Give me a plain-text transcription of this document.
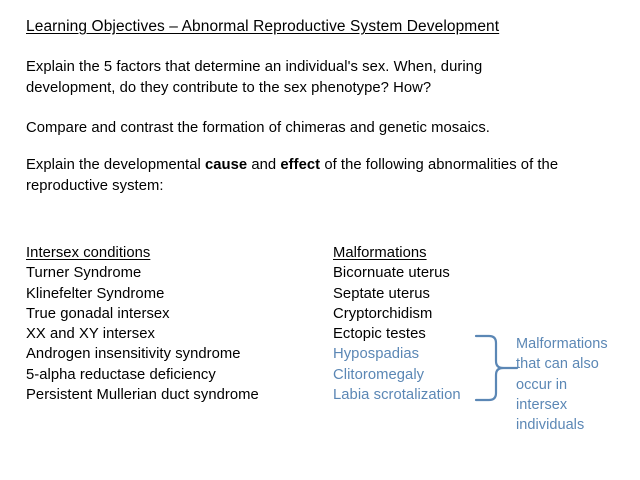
Learning Objectives – Abnormal Reproductive System Development
Explain the 5 factors that determine an individual's sex. When, during
development, do they contribute to the sex phenotype? How?
Compare and contrast the formation of chimeras and genetic mosaics.
Explain the developmental cause and effect of the following abnormalities of the
reproductive system:
Intersex conditions
Turner Syndrome
Klinefelter Syndrome
True gonadal intersex
XX and XY intersex
Androgen insensitivity syndrome
5-alpha reductase deficiency
Persistent Mullerian duct syndrome
Malformations
Bicornuate uterus
Septate uterus
Cryptorchidism
Ectopic testes
Hypospadias
Clitoromegaly
Labia scrotalization
Malformations
that can also
occur in
intersex
individuals
